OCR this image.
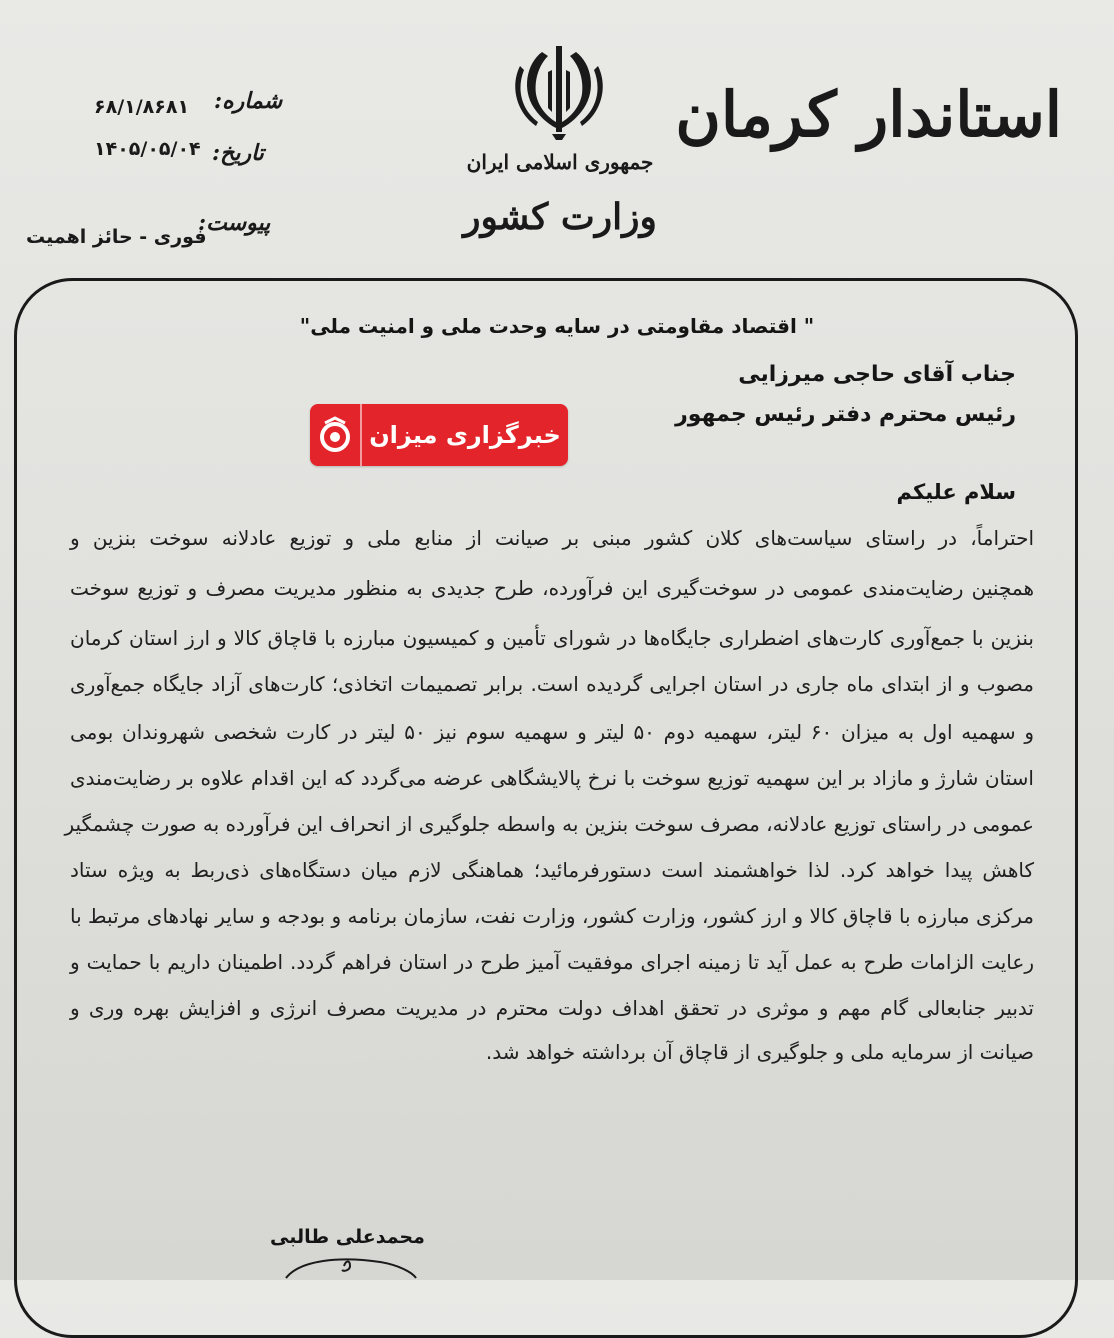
استاندار کرمان
جمهوری اسلامی ایران
وزارت کشور
شماره:
۶۸/۱/۸۶۸۱
تاریخ:
۱۴۰۵/۰۵/۰۴
پیوست:
فوری - حائز اهمیت
" اقتصاد مقاومتی در سایه وحدت ملی و امنیت ملی"
جناب آقای حاجی میرزایی
رئیس محترم دفتر رئیس جمهور
خبرگزاری میزان
سلام علیکم
احتراماً، در راستای سیاست‌های کلان کشور مبنی بر صیانت از منابع ملی و توزیع عادلانه سوخت بنزین و
همچنین رضایت‌مندی عمومی در سوخت‌گیری این فرآورده، طرح جدیدی به منظور مدیریت مصرف و توزیع سوخت
بنزین با جمع‌آوری کارت‌های اضطراری جایگاه‌ها در شورای تأمین و کمیسیون مبارزه با قاچاق کالا و ارز استان کرمان
مصوب و از ابتدای ماه جاری در استان اجرایی گردیده است. برابر تصمیمات اتخاذی؛ کارت‌های آزاد جایگاه جمع‌آوری
و سهمیه اول به میزان ۶۰ لیتر، سهمیه دوم ۵۰ لیتر و سهمیه سوم نیز ۵۰ لیتر در کارت شخصی شهروندان بومی
استان شارژ و مازاد بر این سهمیه توزیع سوخت با نرخ پالایشگاهی عرضه می‌گردد که این اقدام علاوه بر رضایت‌مندی
عمومی در راستای توزیع عادلانه، مصرف سوخت بنزین به واسطه جلوگیری از انحراف این فرآورده به صورت چشمگیر
کاهش پیدا خواهد کرد. لذا خواهشمند است دستورفرمائید؛ هماهنگی لازم میان دستگاه‌های ذی‌ربط به ویژه ستاد
مرکزی مبارزه با قاچاق کالا و ارز کشور، وزارت کشور، وزارت نفت، سازمان برنامه و بودجه و سایر نهادهای مرتبط با
رعایت الزامات طرح به عمل آید تا زمینه اجرای موفقیت آمیز طرح در استان فراهم گردد. اطمینان داریم با حمایت و
تدبیر جنابعالی گام مهم و موثری در تحقق اهداف دولت محترم در مدیریت مصرف انرژی و افزایش بهره وری و
صیانت از سرمایه ملی و جلوگیری از قاچاق آن برداشته خواهد شد.
محمدعلی طالبی
